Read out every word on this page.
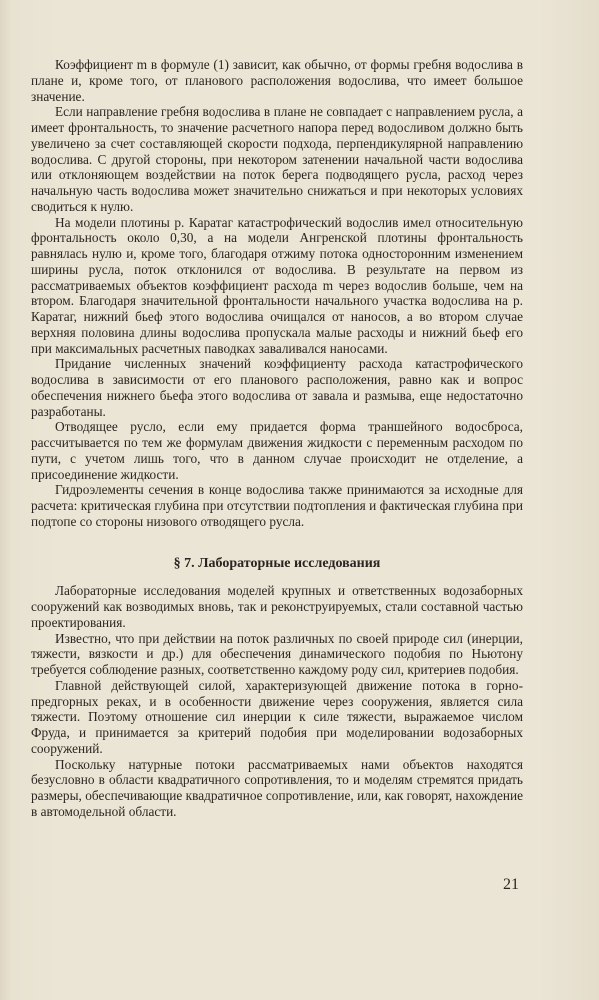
Коэффициент m в формуле (1) зависит, как обычно, от формы гребня водослива в плане и, кроме того, от планового расположения водослива, что имеет большое значение.

Если направление гребня водослива в плане не совпадает с направлением русла, а имеет фронтальность, то значение расчетного напора перед водосливом должно быть увеличено за счет составляющей скорости подхода, перпендикулярной направлению водослива. С другой стороны, при некотором затенении начальной части водослива или отклоняющем воздействии на поток берега подводящего русла, расход через начальную часть водослива может значительно снижаться и при некоторых условиях сводиться к нулю.

На модели плотины р. Каратаг катастрофический водослив имел относительную фронтальность около 0,30, а на модели Ангренской плотины фронтальность равнялась нулю и, кроме того, благодаря отжиму потока односторонним изменением ширины русла, поток отклонился от водослива. В результате на первом из рассматриваемых объектов коэффициент расхода m через водослив больше, чем на втором. Благодаря значительной фронтальности начального участка водослива на р. Каратаг, нижний бьеф этого водослива очищался от наносов, а во втором случае верхняя половина длины водослива пропускала малые расходы и нижний бьеф его при максимальных расчетных паводках заваливался наносами.

Придание численных значений коэффициенту расхода катастрофического водослива в зависимости от его планового расположения, равно как и вопрос обеспечения нижнего бьефа этого водослива от завала и размыва, еще недостаточно разработаны.

Отводящее русло, если ему придается форма траншейного водосброса, рассчитывается по тем же формулам движения жидкости с переменным расходом по пути, с учетом лишь того, что в данном случае происходит не отделение, а присоединение жидкости.

Гидроэлементы сечения в конце водослива также принимаются за исходные для расчета: критическая глубина при отсутствии подтопления и фактическая глубина при подтопе со стороны низового отводящего русла.

§ 7. Лабораторные исследования

Лабораторные исследования моделей крупных и ответственных водозаборных сооружений как возводимых вновь, так и реконструируемых, стали составной частью проектирования.

Известно, что при действии на поток различных по своей природе сил (инерции, тяжести, вязкости и др.) для обеспечения динамического подобия по Ньютону требуется соблюдение разных, соответственно каждому роду сил, критериев подобия.

Главной действующей силой, характеризующей движение потока в горно-предгорных реках, и в особенности движение через сооружения, является сила тяжести. Поэтому отношение сил инерции к силе тяжести, выражаемое числом Фруда, и принимается за критерий подобия при моделировании водозаборных сооружений.

Поскольку натурные потоки рассматриваемых нами объектов находятся безусловно в области квадратичного сопротивления, то и моделям стремятся придать размеры, обеспечивающие квадратичное сопротивление, или, как говорят, нахождение в автомодельной области.

21
